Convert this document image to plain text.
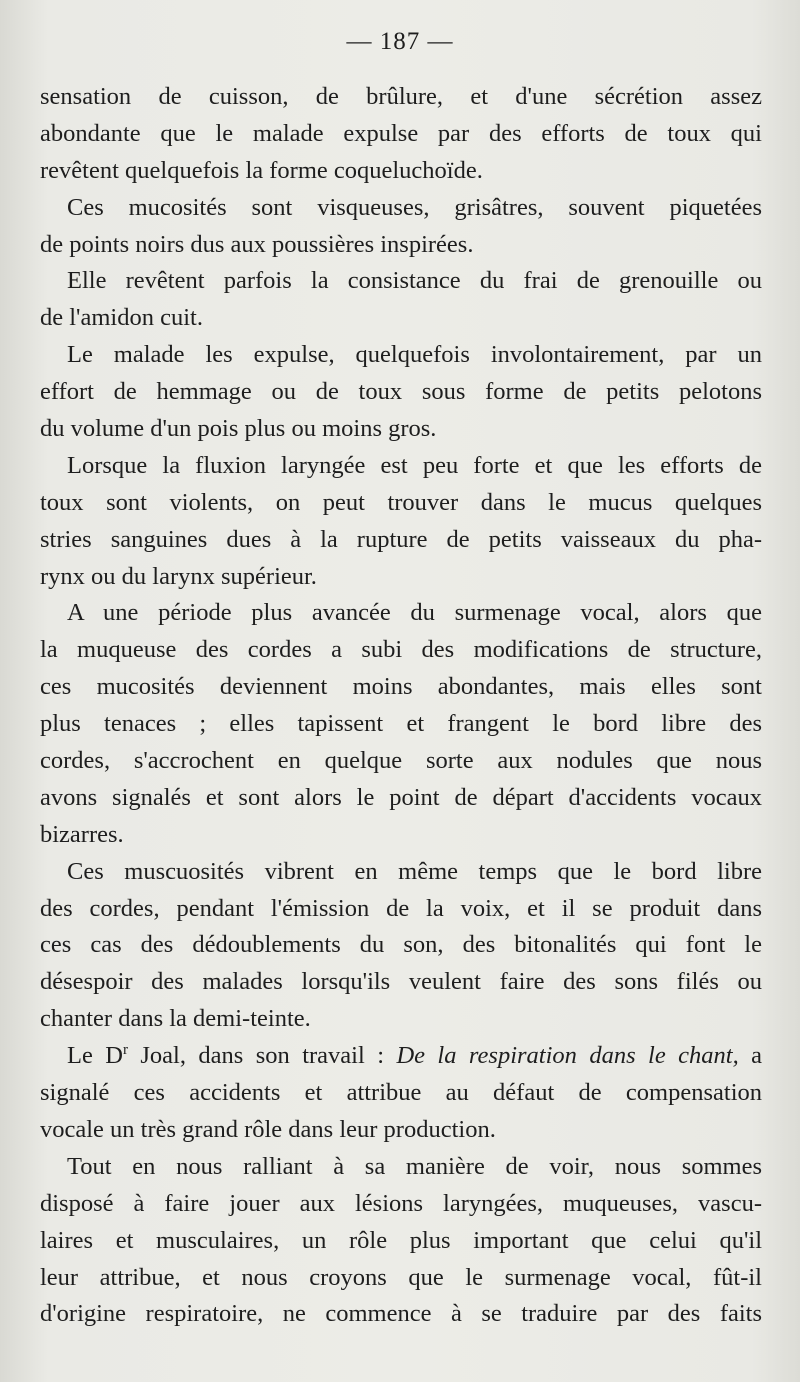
— 187 —
sensation de cuisson, de brûlure, et d'une sécrétion assez
abondante que le malade expulse par des efforts de toux qui
revêtent quelquefois la forme coqueluchoïde.
Ces mucosités sont visqueuses, grisâtres, souvent piquetées
de points noirs dus aux poussières inspirées.
Elle revêtent parfois la consistance du frai de grenouille ou
de l'amidon cuit.
Le malade les expulse, quelquefois involontairement, par un
effort de hemmage ou de toux sous forme de petits pelotons
du volume d'un pois plus ou moins gros.
Lorsque la fluxion laryngée est peu forte et que les efforts de
toux sont violents, on peut trouver dans le mucus quelques
stries sanguines dues à la rupture de petits vaisseaux du pha-
rynx ou du larynx supérieur.
A une période plus avancée du surmenage vocal, alors que
la muqueuse des cordes a subi des modifications de structure,
ces mucosités deviennent moins abondantes, mais elles sont
plus tenaces ; elles tapissent et frangent le bord libre des
cordes, s'accrochent en quelque sorte aux nodules que nous
avons signalés et sont alors le point de départ d'accidents vocaux
bizarres.
Ces muscuosités vibrent en même temps que le bord libre
des cordes, pendant l'émission de la voix, et il se produit dans
ces cas des dédoublements du son, des bitonalités qui font le
désespoir des malades lorsqu'ils veulent faire des sons filés ou
chanter dans la demi-teinte.
Le $D^r$ Joal, dans son travail : De la respiration dans le chant, a
signalé ces accidents et attribue au défaut de compensation
vocale un très grand rôle dans leur production.
Tout en nous ralliant à sa manière de voir, nous sommes
disposé à faire jouer aux lésions laryngées, muqueuses, vascu-
laires et musculaires, un rôle plus important que celui qu'il
leur attribue, et nous croyons que le surmenage vocal, fût-il
d'origine respiratoire, ne commence à se traduire par des faits
